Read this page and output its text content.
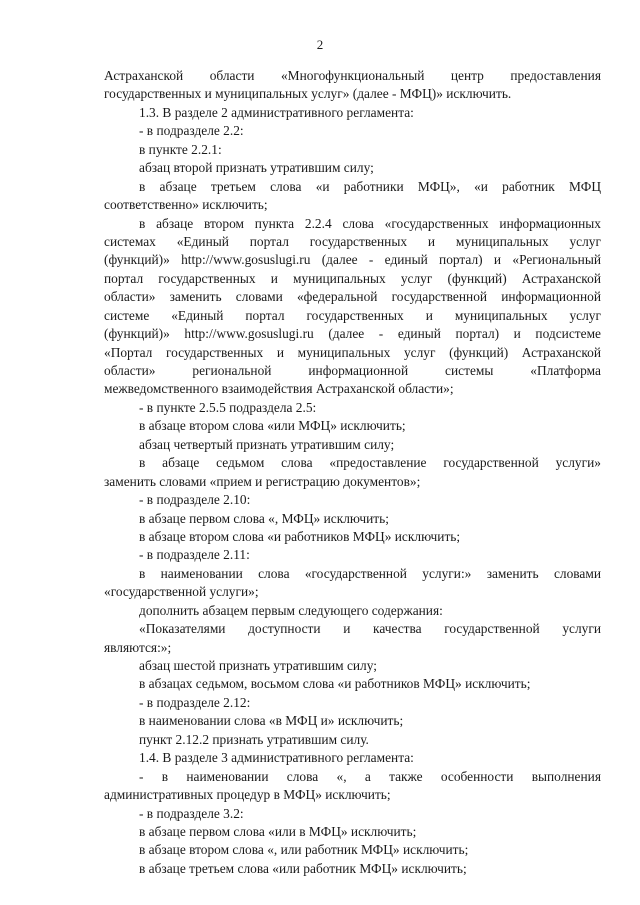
2
Астраханской области «Многофункциональный центр предоставления
государственных и муниципальных услуг» (далее - МФЦ)» исключить.
1.3. В разделе 2 административного регламента:
- в подразделе 2.2:
в пункте 2.2.1:
абзац второй признать утратившим силу;
в абзаце третьем слова «и работники МФЦ», «и работник МФЦ
соответственно» исключить;
в абзаце втором пункта 2.2.4 слова «государственных информационных
системах «Единый портал государственных и муниципальных услуг
(функций)» http://www.gosuslugi.ru (далее - единый портал) и «Региональный
портал государственных и муниципальных услуг (функций) Астраханской
области» заменить словами «федеральной государственной информационной
системе «Единый портал государственных и муниципальных услуг
(функций)» http://www.gosuslugi.ru (далее - единый портал) и подсистеме
«Портал государственных и муниципальных услуг (функций) Астраханской
области» региональной информационной системы «Платформа
межведомственного взаимодействия Астраханской области»;
- в пункте 2.5.5 подраздела 2.5:
в абзаце втором слова «или МФЦ» исключить;
абзац четвертый признать утратившим силу;
в абзаце седьмом слова «предоставление государственной услуги»
заменить словами «прием и регистрацию документов»;
- в подразделе 2.10:
в абзаце первом слова «, МФЦ» исключить;
в абзаце втором слова «и работников МФЦ» исключить;
- в подразделе 2.11:
в наименовании слова «государственной услуги:» заменить словами
«государственной услуги»;
дополнить абзацем первым следующего содержания:
«Показателями доступности и качества государственной услуги
являются:»;
абзац шестой признать утратившим силу;
в абзацах седьмом, восьмом слова «и работников МФЦ» исключить;
- в подразделе 2.12:
в наименовании слова «в МФЦ и» исключить;
пункт 2.12.2 признать утратившим силу.
1.4. В разделе 3 административного регламента:
- в наименовании слова «, а также особенности выполнения
административных процедур в МФЦ» исключить;
- в подразделе 3.2:
в абзаце первом слова «или в МФЦ» исключить;
в абзаце втором слова «, или работник МФЦ» исключить;
в абзаце третьем слова «или работник МФЦ» исключить;
